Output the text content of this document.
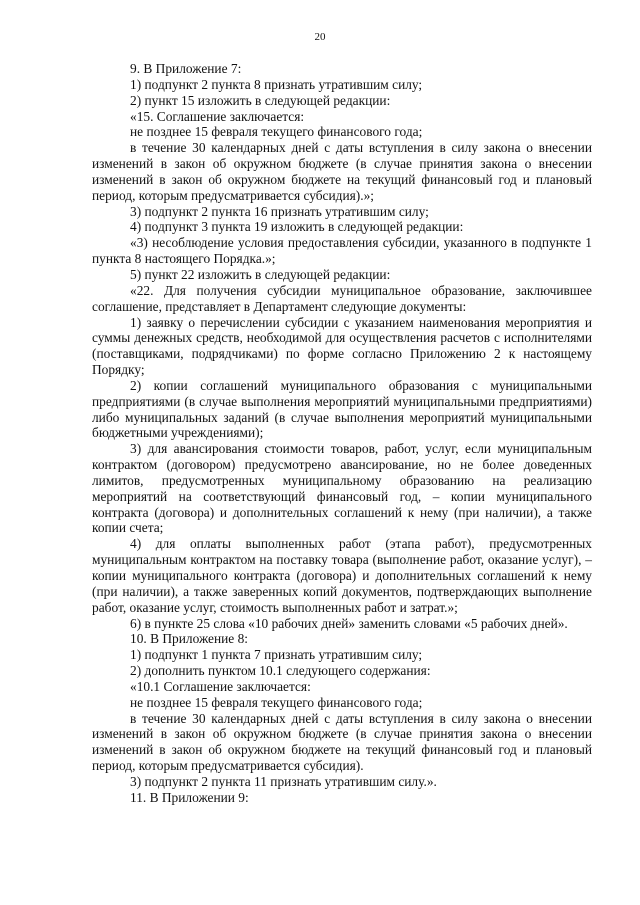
20

9. В Приложение 7:

1) подпункт 2 пункта 8 признать утратившим силу;

2) пункт 15 изложить в следующей редакции:

«15. Соглашение заключается:

не позднее 15 февраля текущего финансового года;

в течение 30 календарных дней с даты вступления в силу закона о внесении изменений в закон об окружном бюджете (в случае принятия закона о внесении изменений в закон об окружном бюджете на текущий финансовый год и плановый период, которым предусматривается субсидия).»;

3) подпункт 2 пункта 16 признать утратившим силу;

4) подпункт 3 пункта 19 изложить в следующей редакции:

«3) несоблюдение условия предоставления субсидии, указанного в подпункте 1 пункта 8 настоящего Порядка.»;

5) пункт 22 изложить в следующей редакции:

«22. Для получения субсидии муниципальное образование, заключившее соглашение, представляет в Департамент следующие документы:

1) заявку о перечислении субсидии с указанием наименования мероприятия и суммы денежных средств, необходимой для осуществления расчетов с исполнителями (поставщиками, подрядчиками) по форме согласно Приложению 2 к настоящему Порядку;

2) копии соглашений муниципального образования с муниципальными предприятиями (в случае выполнения мероприятий муниципальными предприятиями) либо муниципальных заданий (в случае выполнения мероприятий муниципальными бюджетными учреждениями);

3) для авансирования стоимости товаров, работ, услуг, если муниципальным контрактом (договором) предусмотрено авансирование, но не более доведенных лимитов, предусмотренных муниципальному образованию на реализацию мероприятий на соответствующий финансовый год, – копии муниципального контракта (договора) и дополнительных соглашений к нему (при наличии), а также копии счета;

4) для оплаты выполненных работ (этапа работ), предусмотренных муниципальным контрактом на поставку товара (выполнение работ, оказание услуг), – копии муниципального контракта (договора) и дополнительных соглашений к нему (при наличии), а также заверенных копий документов, подтверждающих выполнение работ, оказание услуг, стоимость выполненных работ и затрат.»;

6) в пункте 25 слова «10 рабочих дней» заменить словами «5 рабочих дней».

10. В Приложение 8:

1) подпункт 1 пункта 7 признать утратившим силу;

2) дополнить пунктом 10.1 следующего содержания:

«10.1 Соглашение заключается:

не позднее 15 февраля текущего финансового года;

в течение 30 календарных дней с даты вступления в силу закона о внесении изменений в закон об окружном бюджете (в случае принятия закона о внесении изменений в закон об окружном бюджете на текущий финансовый год и плановый период, которым предусматривается субсидия).

3) подпункт 2 пункта 11 признать утратившим силу.».

11. В Приложении 9:
